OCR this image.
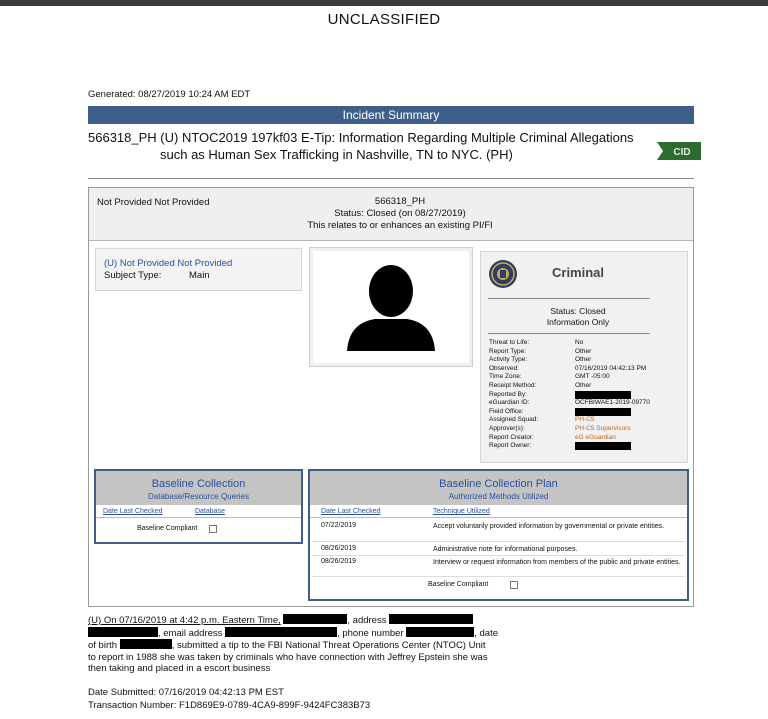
UNCLASSIFIED
Generated: 08/27/2019 10:24 AM EDT
Incident Summary
566318_PH (U) NTOC2019 197kf03 E-Tip: Information Regarding Multiple Criminal Allegations
such as Human Sex Trafficking in Nashville, TN to NYC. (PH)	CID
Not Provided Not Provided	566318_PH
Status: Closed (on 08/27/2019)
This relates to or enhances an existing PI/FI
(U) Not Provided Not Provided
Subject Type:	Main	Criminal
Status: Closed
Information Only
Threat to Life:	No
Report Type:	Other
Activity Type:	Other
Observed:	07/16/2019 04:42:13 PM
Time Zone:	GMT -05:00
Receipt Method:	Other
Reported By:
eGuardian ID:	OCFBIWAE1-2019-09770
Field Office:
Assigned Squad:	PH-C5
Approver(s):	PH-C5 Supervisors
Report Creator:	eG eGuardian
Report Owner:
Baseline Collection
Database/Resource Queries
Date Last Checked	Database
Baseline Compliant
Baseline Collection Plan
Authorized Methods Utilized
Date Last Checked	Technique Utilized
07/22/2019	Accept voluntarily provided information by governmental or private entities.
08/26/2019	Administrative note for informational purposes.
08/26/2019	Interview or request information from members of the public and private entities.
Baseline Compliant
(U) On 07/16/2019 at 4:42 p.m. Eastern Time,	, address
, email address	, phone number	, date
of birth	, submitted a tip to the FBI National Threat Operations Center (NTOC) Unit
to report in 1988 she was taken by criminals who have connection with Jeffrey Epstein she was
then taking and placed in a escort business
Date Submitted: 07/16/2019 04:42:13 PM EST
Transaction Number: F1D869E9-0789-4CA9-899F-9424FC383B73
